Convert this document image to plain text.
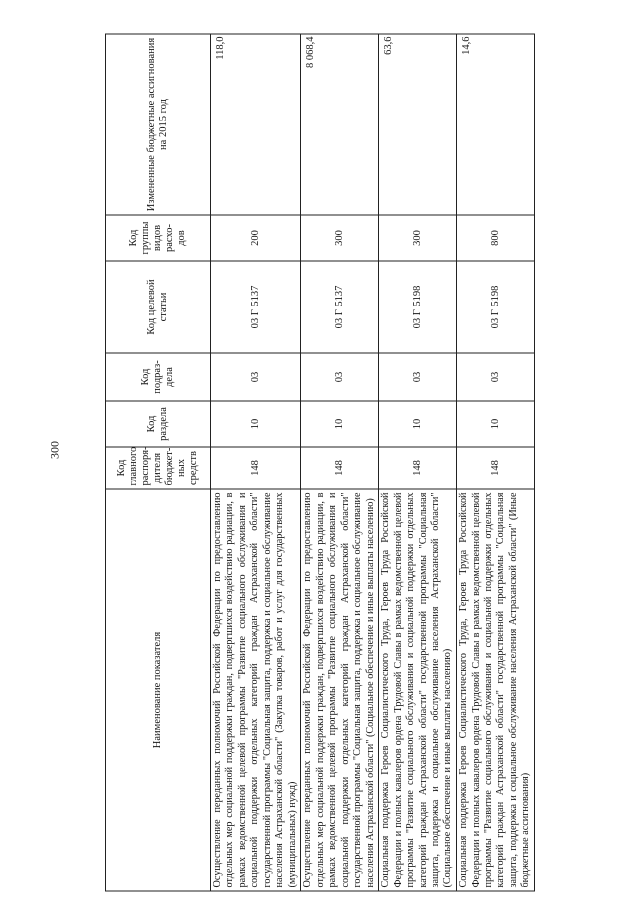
300
Наименование показателя	Код главного распоря-дителя бюджет-ных средств	Код раздела	Код подраз-дела	Код целевой статьи	Код группы видов расхо-дов	Измененные бюджетные ассигнования на 2015 год
Осуществление переданных полномочий Российской Федерации по предоставлению отдельных мер социальной поддержки граждан, подвергшихся воздействию радиации, в рамках ведомственной целевой программы "Развитие социального обслуживания и социальной поддержки отдельных категорий граждан Астраханской области" государственной программы "Социальная защита, поддержка и социальное обслуживание населения Астраханской области" (Закупка товаров, работ и услуг для государственных (муниципальных) нужд)	148	10	03	03 Г 5137	200	118,0
Осуществление переданных полномочий Российской Федерации по предоставлению отдельных мер социальной поддержки граждан, подвергшихся воздействию радиации, в рамках ведомственной целевой программы "Развитие социального обслуживания и социальной поддержки отдельных категорий граждан Астраханской области" государственной программы "Социальная защита, поддержка и социальное обслуживание населения Астраханской области" (Социальное обеспечение и иные выплаты населению)	148	10	03	03 Г 5137	300	8 068,4
Социальная поддержка Героев Социалистического Труда, Героев Труда Российской Федерации и полных кавалеров ордена Трудовой Славы в рамках ведомственной целевой программы "Развитие социального обслуживания и социальной поддержки отдельных категорий граждан Астраханской области" государственной программы "Социальная защита, поддержка и социальное обслуживание населения Астраханской области" (Социальное обеспечение и иные выплаты населению)	148	10	03	03 Г 5198	300	63,6
Социальная поддержка Героев Социалистического Труда, Героев Труда Российской Федерации и полных кавалеров ордена Трудовой Славы в рамках ведомственной целевой программы "Развитие социального обслуживания и социальной поддержки отдельных категорий граждан Астраханской области" государственной программы "Социальная защита, поддержка и социальное обслуживание населения Астраханской области" (Иные бюджетные ассигнования)	148	10	03	03 Г 5198	800	14,6
